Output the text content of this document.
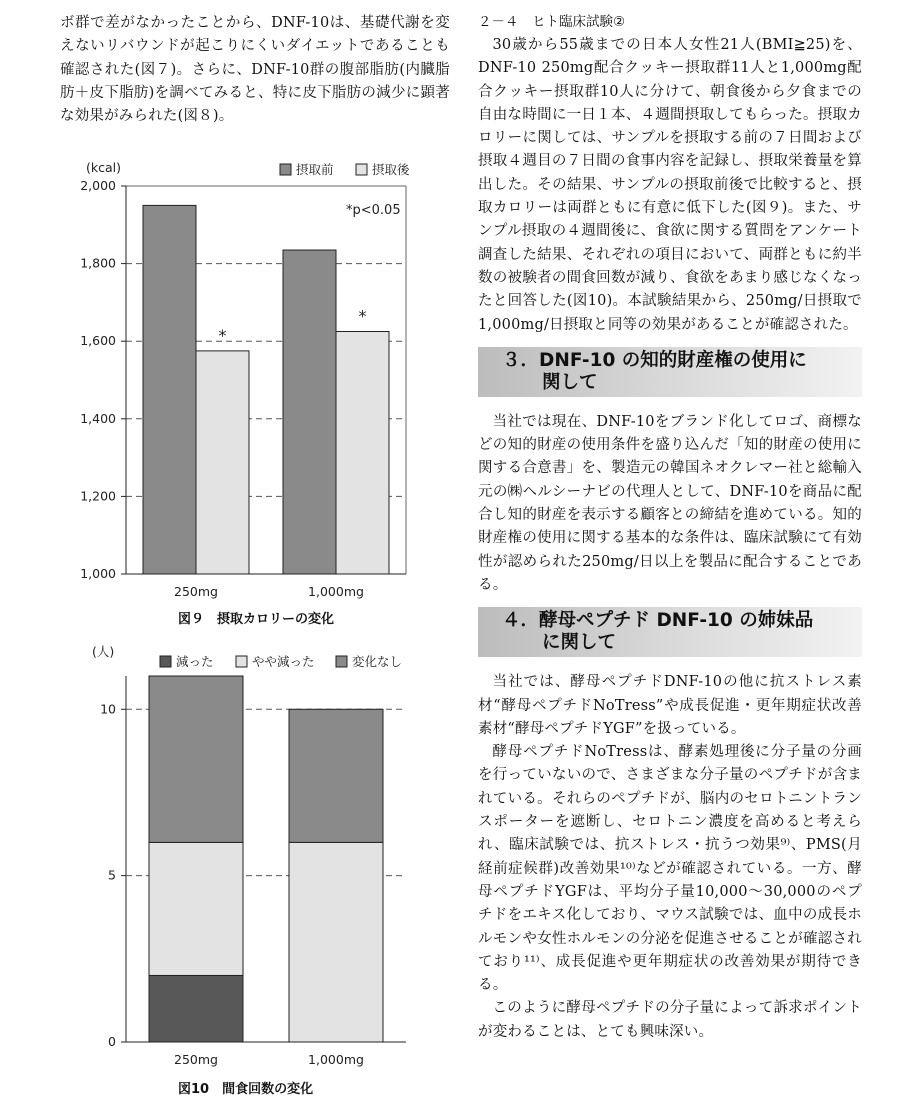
ボ群で差がなかったことから、DNF-10は、基礎代謝を変えないリバウンドが起こりにくいダイエットであることも確認された(図７)。さらに、DNF-10群の腹部脂肪(内臓脂肪＋皮下脂肪)を調べてみると、特に皮下脂肪の減少に顕著な効果がみられた(図８)。

1,000
1,200
1,400
1,600
1,800
2,000
(kcal)
*
250mg
*
1,000mg
摂取前	摂取後
*p<0.05
図９　摂取カロリーの変化
(人)
0
5
10
250mg	1,000mg
減った	やや減った	変化なし
図10　間食回数の変化
２－４　ヒト臨床試験②

30歳から55歳までの日本人女性21人(BMI≧25)を、DNF-10 250mg配合クッキー摂取群11人と1,000mg配合クッキー摂取群10人に分けて、朝食後から夕食までの自由な時間に一日１本、４週間摂取してもらった。摂取カロリーに関しては、サンプルを摂取する前の７日間および摂取４週目の７日間の食事内容を記録し、摂取栄養量を算出した。その結果、サンプルの摂取前後で比較すると、摂取カロリーは両群ともに有意に低下した(図９)。また、サンプル摂取の４週間後に、食欲に関する質問をアンケート調査した結果、それぞれの項目において、両群ともに約半数の被験者の間食回数が減り、食欲をあまり感じなくなったと回答した(図10)。本試験結果から、250mg/日摂取で1,000mg/日摂取と同等の効果があることが確認された。

３．DNF-10 の知的財産権の使用に
関して

当社では現在、DNF-10をブランド化してロゴ、商標などの知的財産の使用条件を盛り込んだ「知的財産の使用に関する合意書」を、製造元の韓国ネオクレマー社と総輸入元の㈱ヘルシーナビの代理人として、DNF-10を商品に配合し知的財産を表示する顧客との締結を進めている。知的財産権の使用に関する基本的な条件は、臨床試験にて有効性が認められた250mg/日以上を製品に配合することである。

４．酵母ペプチド DNF-10 の姉妹品
に関して

当社では、酵母ペプチドDNF-10の他に抗ストレス素材“酵母ペプチドNoTress”や成長促進・更年期症状改善素材“酵母ペプチドYGF”を扱っている。

酵母ペプチドNoTressは、酵素処理後に分子量の分画を行っていないので、さまざまな分子量のペプチドが含まれている。それらのペプチドが、脳内のセロトニントランスポーターを遮断し、セロトニン濃度を高めると考えられ、臨床試験では、抗ストレス・抗うつ効果⁹⁾、PMS(月経前症候群)改善効果¹⁰⁾などが確認されている。一方、酵母ペプチドYGFは、平均分子量10,000～30,000のペプチドをエキス化しており、マウス試験では、血中の成長ホルモンや女性ホルモンの分泌を促進させることが確認されており¹¹⁾、成長促進や更年期症状の改善効果が期待できる。

このように酵母ペプチドの分子量によって訴求ポイントが変わることは、とても興味深い。
